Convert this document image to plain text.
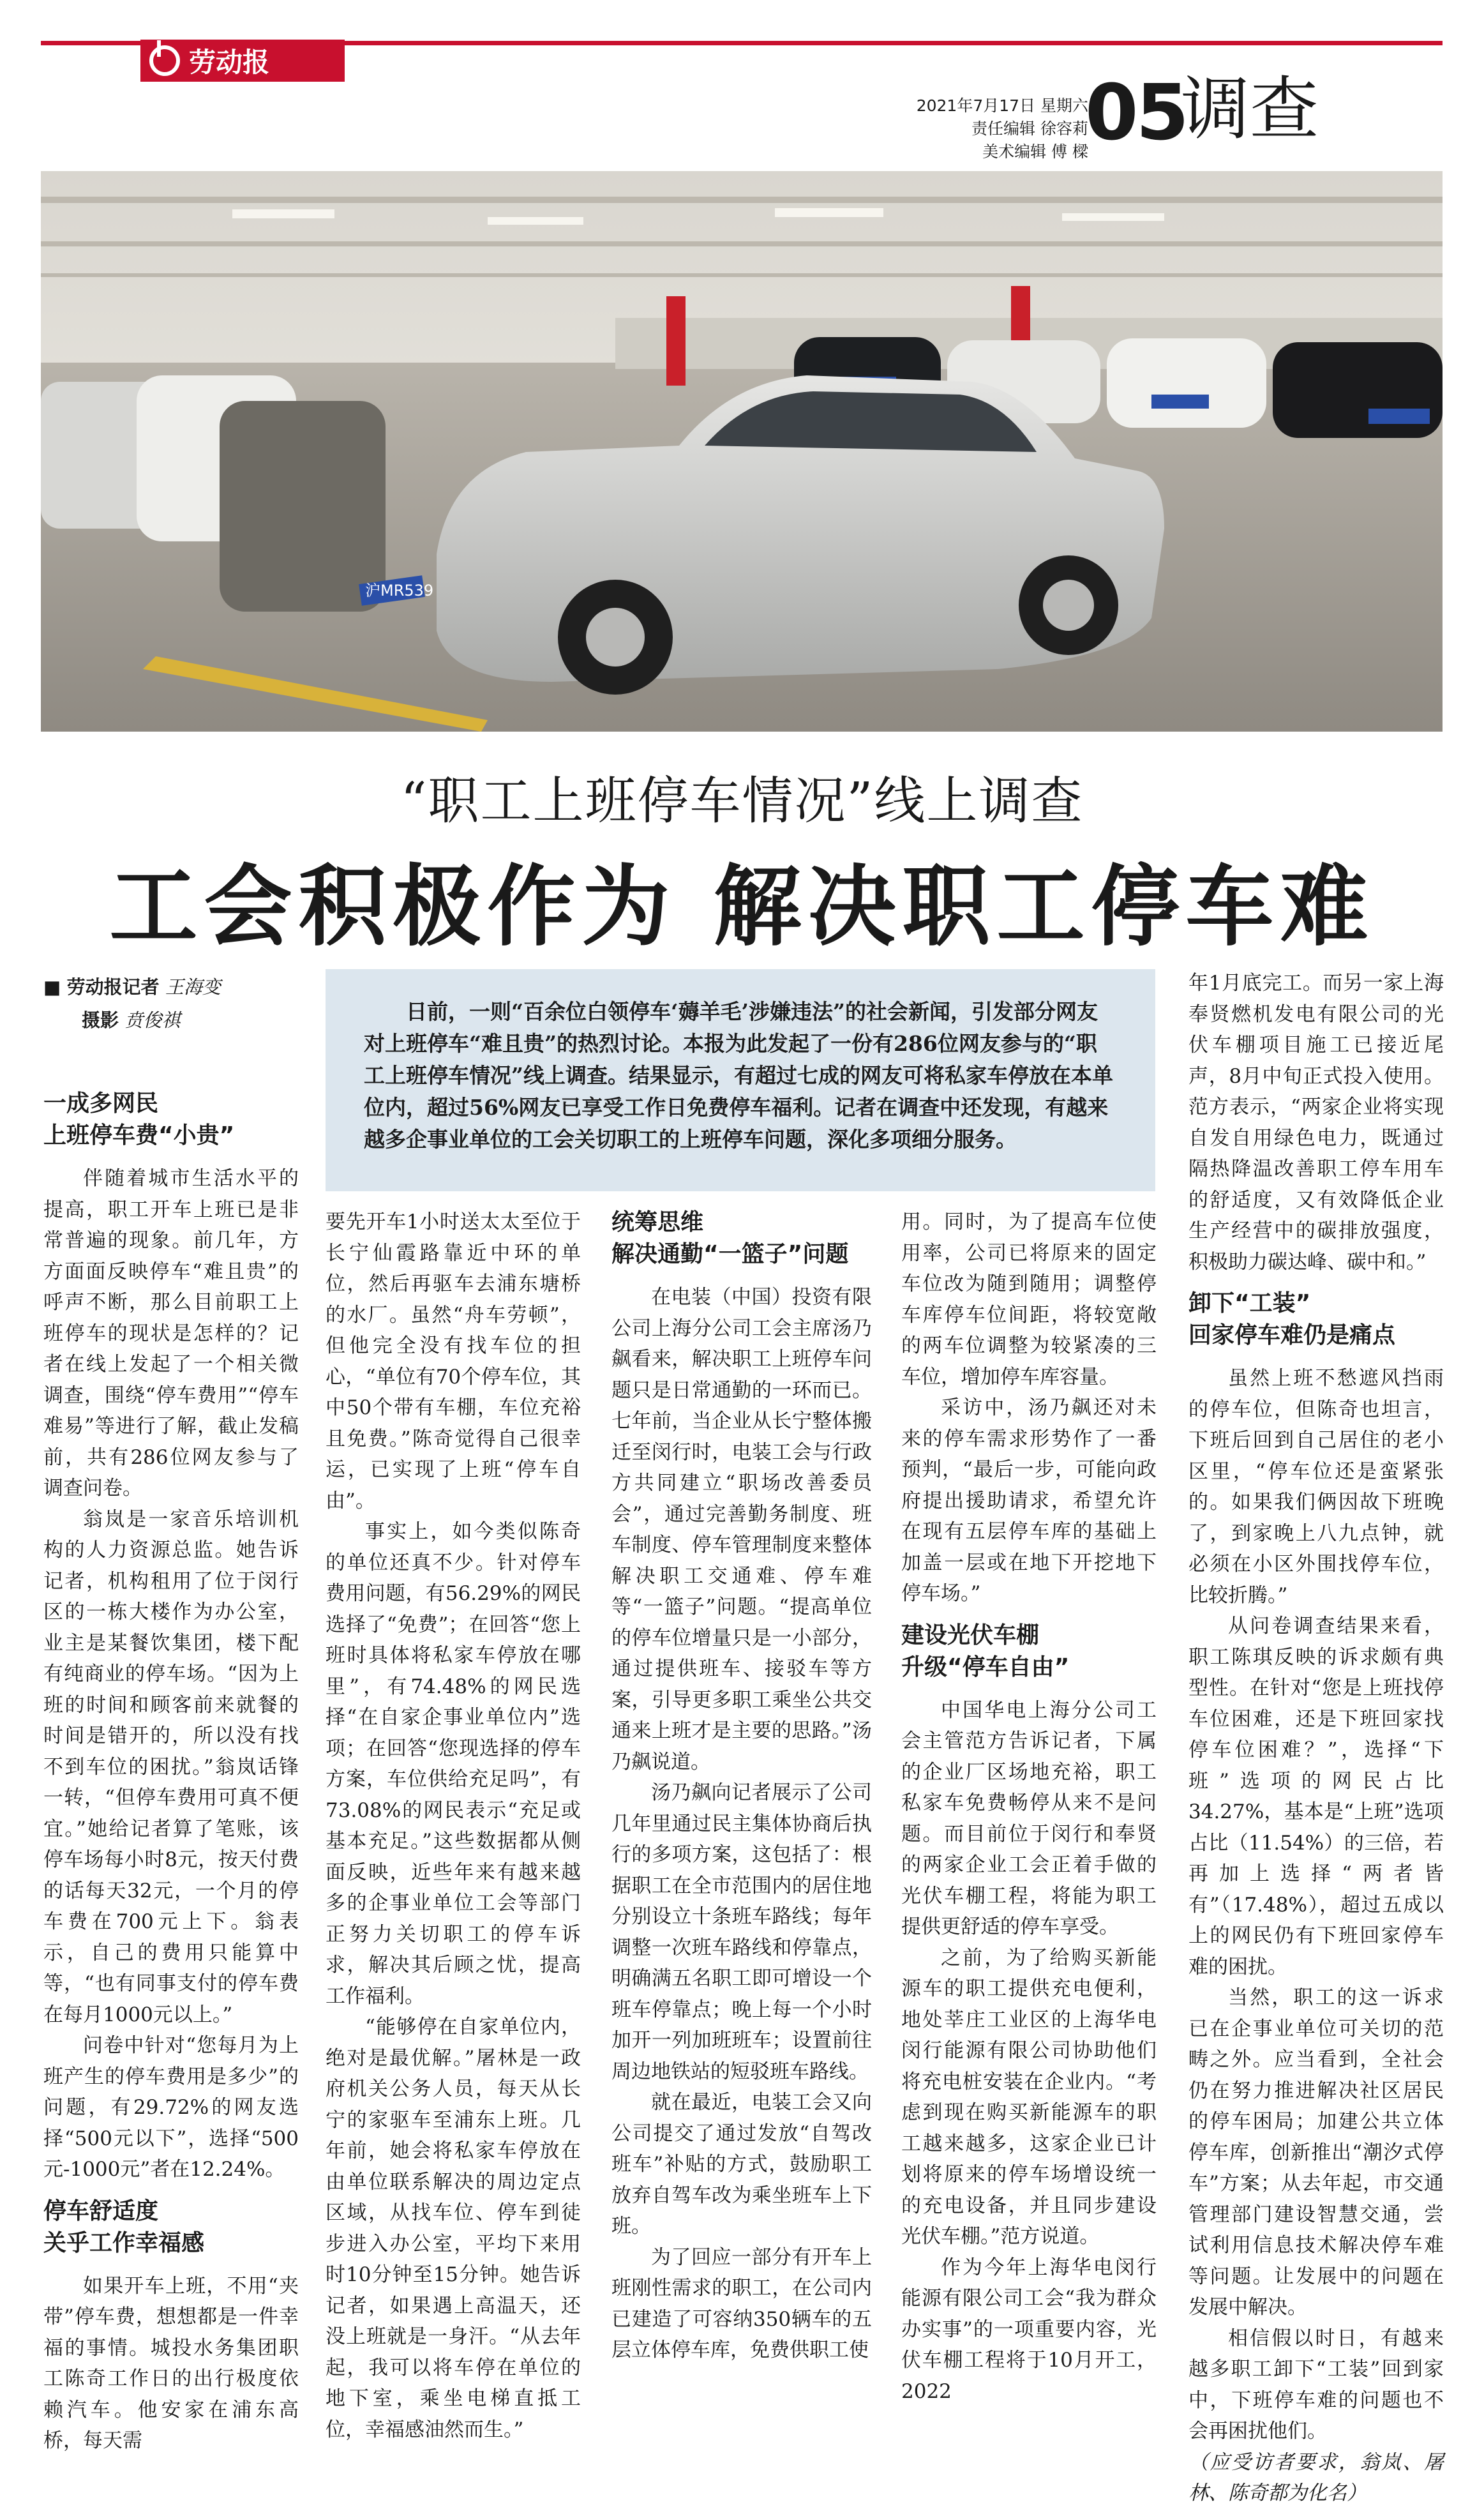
劳动报
2021年7月17日 星期六
责任编辑 徐容莉
美术编辑 傅 樑
05
调查
沪MR539
“职工上班停车情况”线上调查
工会积极作为 解决职工停车难
■ 劳动报记者 王海变
摄影 贲俊祺	日前，一则“百余位白领停车‘薅羊毛’涉嫌违法”的社会新闻，引发部分网友对上班停车“难且贵”的热烈讨论。本报为此发起了一份有286位网友参与的“职工上班停车情况”线上调查。结果显示，有超过七成的网友可将私家车停放在本单位内，超过56%网友已享受工作日免费停车福利。记者在调查中还发现，有越来越多企事业单位的工会关切职工的上班停车问题，深化多项细分服务。
一成多网民
上班停车费“小贵”

伴随着城市生活水平的提高，职工开车上班已是非常普遍的现象。前几年，方方面面反映停车“难且贵”的呼声不断，那么目前职工上班停车的现状是怎样的？记者在线上发起了一个相关微调查，围绕“停车费用”“停车难易”等进行了解，截止发稿前，共有286位网友参与了调查问卷。

翁岚是一家音乐培训机构的人力资源总监。她告诉记者，机构租用了位于闵行区的一栋大楼作为办公室，业主是某餐饮集团，楼下配有纯商业的停车场。“因为上班的时间和顾客前来就餐的时间是错开的，所以没有找不到车位的困扰。”翁岚话锋一转，“但停车费用可真不便宜。”她给记者算了笔账，该停车场每小时8元，按天付费的话每天32元，一个月的停车费在700元上下。翁表示，自己的费用只能算中等，“也有同事支付的停车费在每月1000元以上。”

问卷中针对“您每月为上班产生的停车费用是多少”的问题，有29.72%的网友选择“500元以下”，选择“500元-1000元”者在12.24%。

停车舒适度
关乎工作幸福感

如果开车上班，不用“夹带”停车费，想想都是一件幸福的事情。城投水务集团职工陈奇工作日的出行极度依赖汽车。他安家在浦东高桥，每天需

要先开车1小时送太太至位于长宁仙霞路靠近中环的单位，然后再驱车去浦东塘桥的水厂。虽然“舟车劳顿”，但他完全没有找车位的担心，“单位有70个停车位，其中50个带有车棚，车位充裕且免费。”陈奇觉得自己很幸运，已实现了上班“停车自由”。

事实上，如今类似陈奇的单位还真不少。针对停车费用问题，有56.29%的网民选择了“免费”；在回答“您上班时具体将私家车停放在哪里”，有74.48%的网民选择“在自家企事业单位内”选项；在回答“您现选择的停车方案，车位供给充足吗”，有73.08%的网民表示“充足或基本充足。”这些数据都从侧面反映，近些年来有越来越多的企事业单位工会等部门正努力关切职工的停车诉求，解决其后顾之忧，提高工作福利。

“能够停在自家单位内，绝对是最优解。”屠林是一政府机关公务人员，每天从长宁的家驱车至浦东上班。几年前，她会将私家车停放在由单位联系解决的周边定点区域，从找车位、停车到徒步进入办公室，平均下来用时10分钟至15分钟。她告诉记者，如果遇上高温天，还没上班就是一身汗。“从去年起，我可以将车停在单位的地下室，乘坐电梯直抵工位，幸福感油然而生。”

统筹思维
解决通勤“一篮子”问题

在电装（中国）投资有限公司上海分公司工会主席汤乃飙看来，解决职工上班停车问题只是日常通勤的一环而已。七年前，当企业从长宁整体搬迁至闵行时，电装工会与行政方共同建立“职场改善委员会”，通过完善勤务制度、班车制度、停车管理制度来整体解决职工交通难、停车难等“一篮子”问题。“提高单位的停车位增量只是一小部分，通过提供班车、接驳车等方案，引导更多职工乘坐公共交通来上班才是主要的思路。”汤乃飙说道。

汤乃飙向记者展示了公司几年里通过民主集体协商后执行的多项方案，这包括了：根据职工在全市范围内的居住地分别设立十条班车路线；每年调整一次班车路线和停靠点，明确满五名职工即可增设一个班车停靠点；晚上每一个小时加开一列加班班车；设置前往周边地铁站的短驳班车路线。

就在最近，电装工会又向公司提交了通过发放“自驾改班车”补贴的方式，鼓励职工放弃自驾车改为乘坐班车上下班。

为了回应一部分有开车上班刚性需求的职工，在公司内已建造了可容纳350辆车的五层立体停车库，免费供职工使

用。同时，为了提高车位使用率，公司已将原来的固定车位改为随到随用；调整停车库停车位间距，将较宽敞的两车位调整为较紧凑的三车位，增加停车库容量。

采访中，汤乃飙还对未来的停车需求形势作了一番预判，“最后一步，可能向政府提出援助请求，希望允许在现有五层停车库的基础上加盖一层或在地下开挖地下停车场。”

建设光伏车棚
升级“停车自由”

中国华电上海分公司工会主管范方告诉记者，下属的企业厂区场地充裕，职工私家车免费畅停从来不是问题。而目前位于闵行和奉贤的两家企业工会正着手做的光伏车棚工程，将能为职工提供更舒适的停车享受。

之前，为了给购买新能源车的职工提供充电便利，地处莘庄工业区的上海华电闵行能源有限公司协助他们将充电桩安装在企业内。“考虑到现在购买新能源车的职工越来越多，这家企业已计划将原来的停车场增设统一的充电设备，并且同步建设光伏车棚。”范方说道。

作为今年上海华电闵行能源有限公司工会“我为群众办实事”的一项重要内容，光伏车棚工程将于10月开工，2022

年1月底完工。而另一家上海奉贤燃机发电有限公司的光伏车棚项目施工已接近尾声，8月中旬正式投入使用。范方表示，“两家企业将实现自发自用绿色电力，既通过隔热降温改善职工停车用车的舒适度，又有效降低企业生产经营中的碳排放强度，积极助力碳达峰、碳中和。”

卸下“工装”
回家停车难仍是痛点

虽然上班不愁遮风挡雨的停车位，但陈奇也坦言，下班后回到自己居住的老小区里，“停车位还是蛮紧张的。如果我们俩因故下班晚了，到家晚上八九点钟，就必须在小区外围找停车位，比较折腾。”

从问卷调查结果来看，职工陈琪反映的诉求颇有典型性。在针对“您是上班找停车位困难，还是下班回家找停车位困难？”，选择“下班”选项的网民占比34.27%，基本是“上班”选项占比（11.54%）的三倍，若再加上选择“两者皆有”（17.48%），超过五成以上的网民仍有下班回家停车难的困扰。

当然，职工的这一诉求已在企事业单位可关切的范畴之外。应当看到，全社会仍在努力推进解决社区居民的停车困局；加建公共立体停车库，创新推出“潮汐式停车”方案；从去年起，市交通管理部门建设智慧交通，尝试利用信息技术解决停车难等问题。让发展中的问题在发展中解决。

相信假以时日，有越来越多职工卸下“工装”回到家中，下班停车难的问题也不会再困扰他们。

（应受访者要求，翁岚、屠林、陈奇都为化名）
